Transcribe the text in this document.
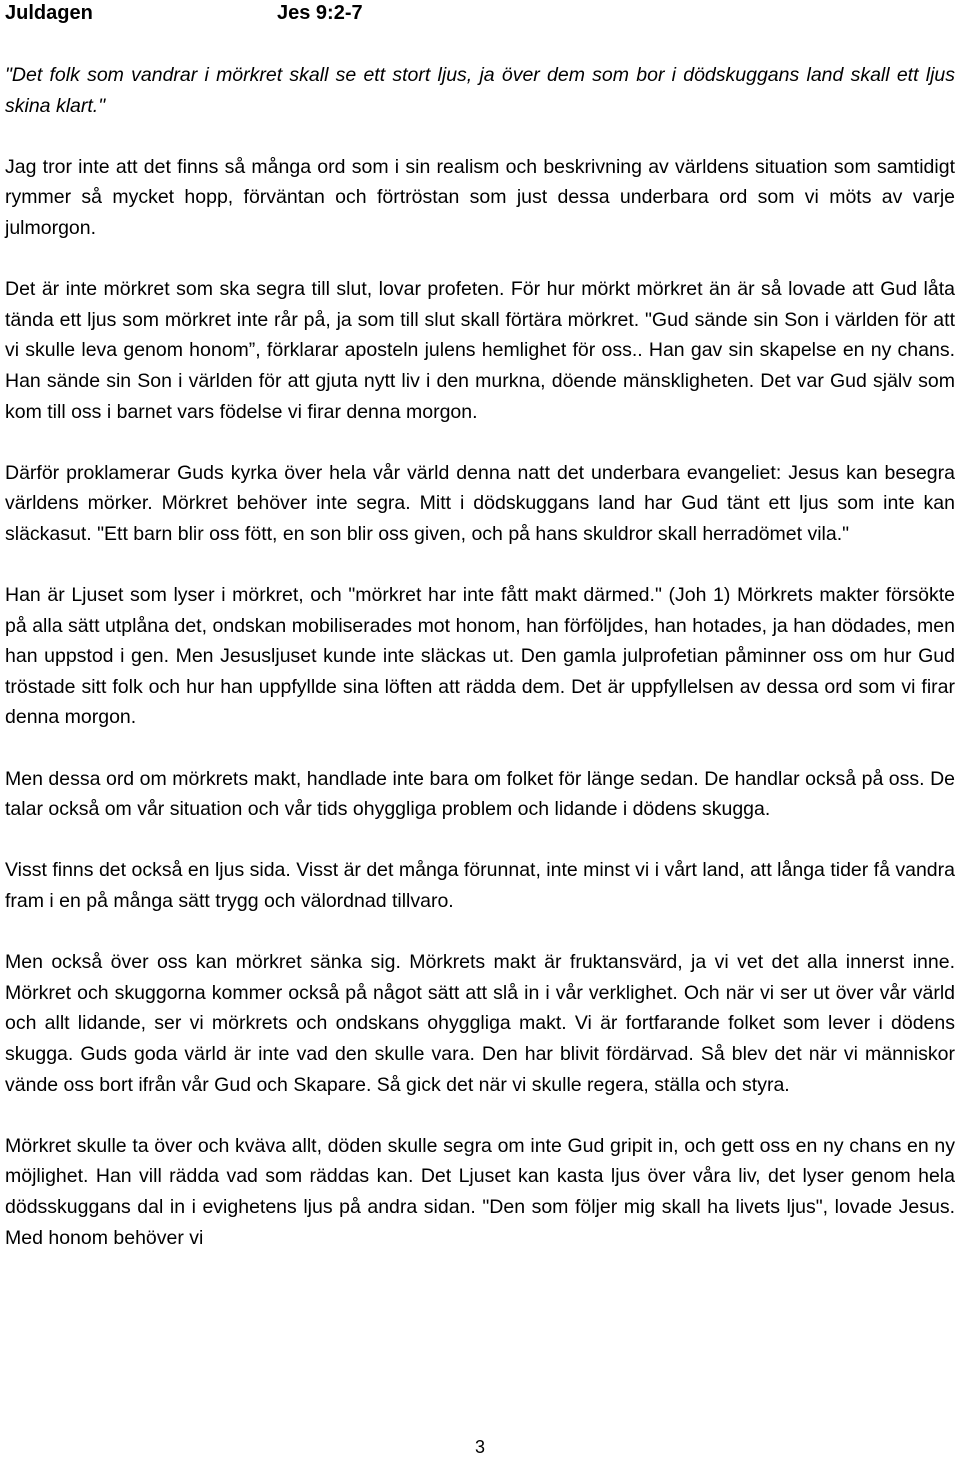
Juldagen	Jes 9:2-7

"Det folk som vandrar i mörkret skall se ett stort ljus, ja över dem som bor i dödskuggans land skall ett ljus skina klart."

Jag tror inte att det finns så många ord som i sin realism och beskrivning av världens situation som samtidigt rymmer så mycket hopp, förväntan och förtröstan som just dessa underbara ord som vi möts av varje julmorgon.

Det är inte mörkret som ska segra till slut, lovar profeten. För hur mörkt mörkret än är så lovade att Gud låta tända ett ljus som mörkret inte rår på, ja som till slut skall förtära mörkret. "Gud sände sin Son i världen för att vi skulle leva genom honom”, förklarar aposteln julens hemlighet för oss.. Han gav sin skapelse en ny chans. Han sände sin Son i världen för att gjuta nytt liv i den murkna, döende mänskligheten. Det var Gud själv som kom till oss i barnet vars födelse vi firar denna morgon.

Därför proklamerar Guds kyrka över hela vår värld denna natt det underbara evangeliet: Jesus kan besegra världens mörker. Mörkret behöver inte segra. Mitt i dödskuggans land har Gud tänt ett ljus som inte kan släckasut. "Ett barn blir oss fött, en son blir oss given, och på hans skuldror skall herradömet vila."

Han är Ljuset som lyser i mörkret, och "mörkret har inte fått makt därmed." (Joh 1) Mörkrets makter försökte på alla sätt utplåna det, ondskan mobiliserades mot honom, han förföljdes, han hotades, ja han dödades, men han uppstod i gen. Men Jesusljuset kunde inte släckas ut. Den gamla julprofetian påminner oss om hur Gud tröstade sitt folk och hur han uppfyllde sina löften att rädda dem. Det är uppfyllelsen av dessa ord som vi firar denna morgon.

Men dessa ord om mörkrets makt, handlade inte bara om folket för länge sedan. De handlar också på oss. De talar också om vår situation och vår tids ohyggliga problem och lidande i dödens skugga.

Visst finns det också en ljus sida. Visst är det många förunnat, inte minst vi i vårt land, att långa tider få vandra fram i en på många sätt trygg och välordnad tillvaro.

Men också över oss kan mörkret sänka sig. Mörkrets makt är fruktansvärd, ja vi vet det alla innerst inne. Mörkret och skuggorna kommer också på något sätt att slå in i vår verklighet. Och när vi ser ut över vår värld och allt lidande, ser vi mörkrets och ondskans ohyggliga makt. Vi är fortfarande folket som lever i dödens skugga. Guds goda värld är inte vad den skulle vara. Den har blivit fördärvad. Så blev det när vi människor vände oss bort ifrån vår Gud och Skapare. Så gick det när vi skulle regera, ställa och styra.

Mörkret skulle ta över och kväva allt, döden skulle segra om inte Gud gripit in, och gett oss en ny chans en ny möjlighet. Han vill rädda vad som räddas kan. Det Ljuset kan kasta ljus över våra liv, det lyser genom hela dödsskuggans dal in i evighetens ljus på andra sidan. "Den som följer mig skall ha livets ljus", lovade Jesus. Med honom behöver vi

3
